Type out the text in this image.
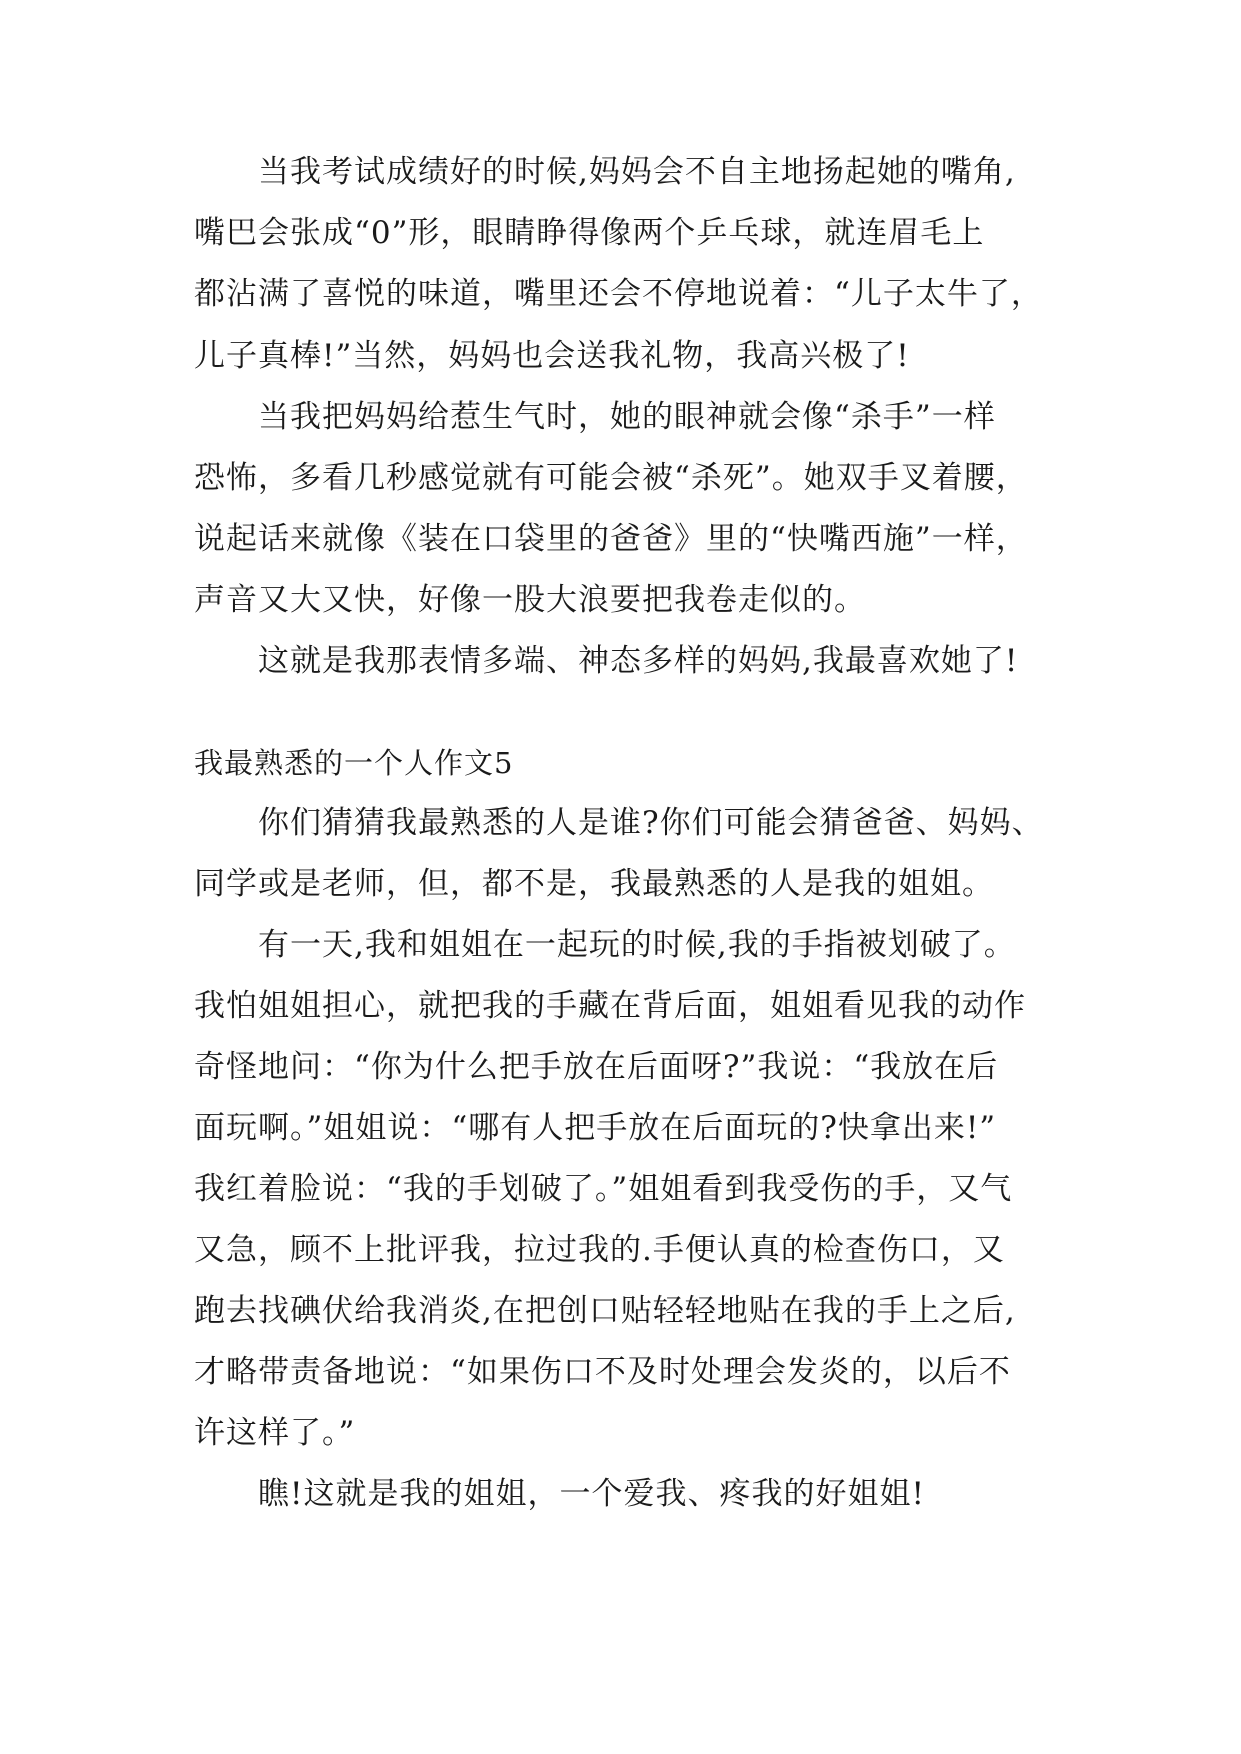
当我考试成绩好的时候,妈妈会不自主地扬起她的嘴角,
嘴巴会张成“0”形，眼睛睁得像两个乒乓球，就连眉毛上
都沾满了喜悦的味道，嘴里还会不停地说着：“儿子太牛了，
儿子真棒!”当然，妈妈也会送我礼物，我高兴极了!
当我把妈妈给惹生气时，她的眼神就会像“杀手”一样
恐怖，多看几秒感觉就有可能会被“杀死”。她双手叉着腰，
说起话来就像《装在口袋里的爸爸》里的“快嘴西施”一样，
声音又大又快，好像一股大浪要把我卷走似的。
这就是我那表情多端、神态多样的妈妈,我最喜欢她了!
我最熟悉的一个人作文5
你们猜猜我最熟悉的人是谁?你们可能会猜爸爸、妈妈、
同学或是老师，但，都不是，我最熟悉的人是我的姐姐。
有一天,我和姐姐在一起玩的时候,我的手指被划破了。
我怕姐姐担心，就把我的手藏在背后面，姐姐看见我的动作
奇怪地问：“你为什么把手放在后面呀?”我说：“我放在后
面玩啊。”姐姐说：“哪有人把手放在后面玩的?快拿出来!”
我红着脸说：“我的手划破了。”姐姐看到我受伤的手，又气
又急，顾不上批评我，拉过我的.手便认真的检查伤口，又
跑去找碘伏给我消炎,在把创口贴轻轻地贴在我的手上之后,
才略带责备地说：“如果伤口不及时处理会发炎的，以后不
许这样了。”
瞧!这就是我的姐姐，一个爱我、疼我的好姐姐!
